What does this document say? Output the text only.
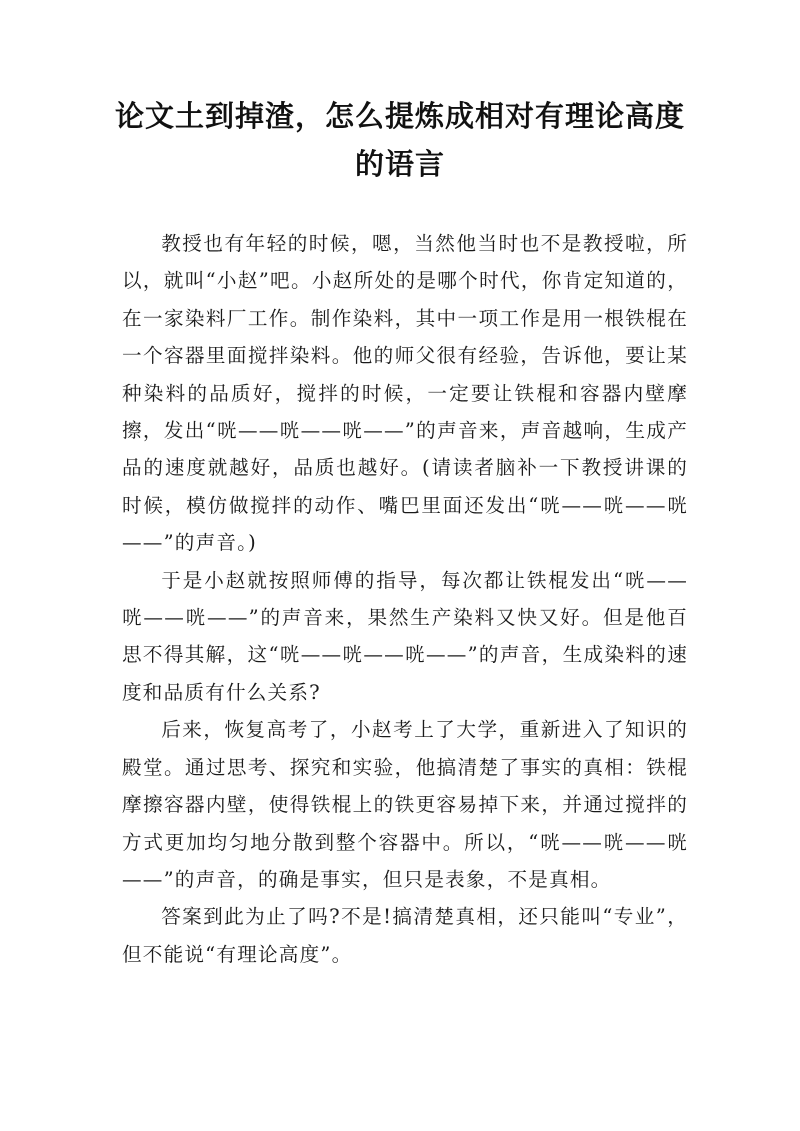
论文土到掉渣，怎么提炼成相对有理论高度
的语言

教授也有年轻的时候，嗯，当然他当时也不是教授啦，所以，就叫“小赵”吧。小赵所处的是哪个时代，你肯定知道的，在一家染料厂工作。制作染料，其中一项工作是用一根铁棍在一个容器里面搅拌染料。他的师父很有经验，告诉他，要让某种染料的品质好，搅拌的时候，一定要让铁棍和容器内壁摩擦，发出“咣——咣——咣——”的声音来，声音越响，生成产品的速度就越好，品质也越好。(请读者脑补一下教授讲课的时候，模仿做搅拌的动作、嘴巴里面还发出“咣——咣——咣——”的声音。)

于是小赵就按照师傅的指导，每次都让铁棍发出“咣——咣——咣——”的声音来，果然生产染料又快又好。但是他百思不得其解，这“咣——咣——咣——”的声音，生成染料的速度和品质有什么关系?

后来，恢复高考了，小赵考上了大学，重新进入了知识的殿堂。通过思考、探究和实验，他搞清楚了事实的真相：铁棍摩擦容器内壁，使得铁棍上的铁更容易掉下来，并通过搅拌的方式更加均匀地分散到整个容器中。所以，“咣——咣——咣——”的声音，的确是事实，但只是表象，不是真相。

答案到此为止了吗?不是!搞清楚真相，还只能叫“专业”，但不能说“有理论高度”。
